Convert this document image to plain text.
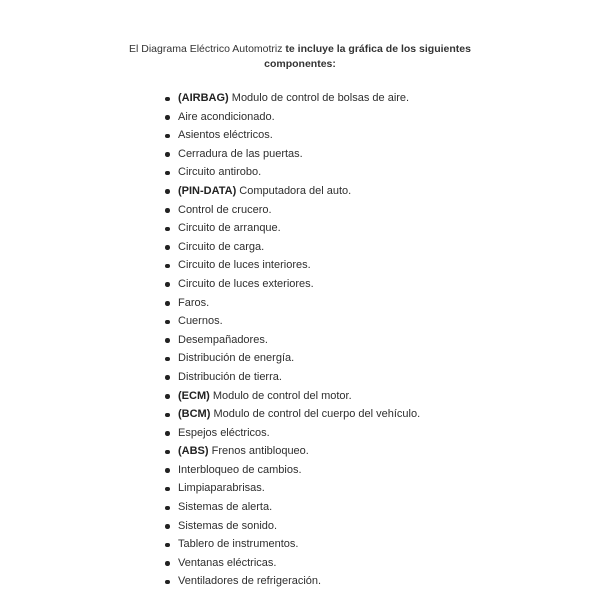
El Diagrama Eléctrico Automotriz te incluye la gráfica de los siguientes
componentes:
(AIRBAG) Modulo de control de bolsas de aire.
Aire acondicionado.
Asientos eléctricos.
Cerradura de las puertas.
Circuito antirobo.
(PIN-DATA) Computadora del auto.
Control de crucero.
Circuito de arranque.
Circuito de carga.
Circuito de luces interiores.
Circuito de luces exteriores.
Faros.
Cuernos.
Desempañadores.
Distribución de energía.
Distribución de tierra.
(ECM) Modulo de control del motor.
(BCM) Modulo de control del cuerpo del vehículo.
Espejos eléctricos.
(ABS) Frenos antibloqueo.
Interbloqueo de cambios.
Limpiaparabrisas.
Sistemas de alerta.
Sistemas de sonido.
Tablero de instrumentos.
Ventanas eléctricas.
Ventiladores de refrigeración.
